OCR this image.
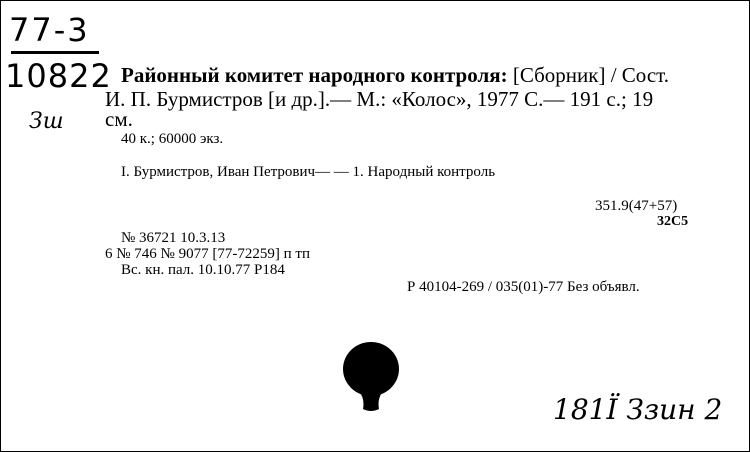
77-3
10822
Зш
Районный комитет народного контроля: [Сборник] / Сост.
И. П. Бурмистров [и др.].— М.: «Колос», 1977 С.— 191 с.; 19
см.
40 к.; 60000 экз.
I. Бурмистров, Иван Петрович— — 1. Народный контроль
351.9(47+57)
32С5
№ 36721 10.3.13
6 № 746 № 9077 [77-72259] п тп
Вс. кн. пал. 10.10.77 Р184
Р 40104-269 / 035(01)-77 Без объявл.
181Ї Ззин 2
